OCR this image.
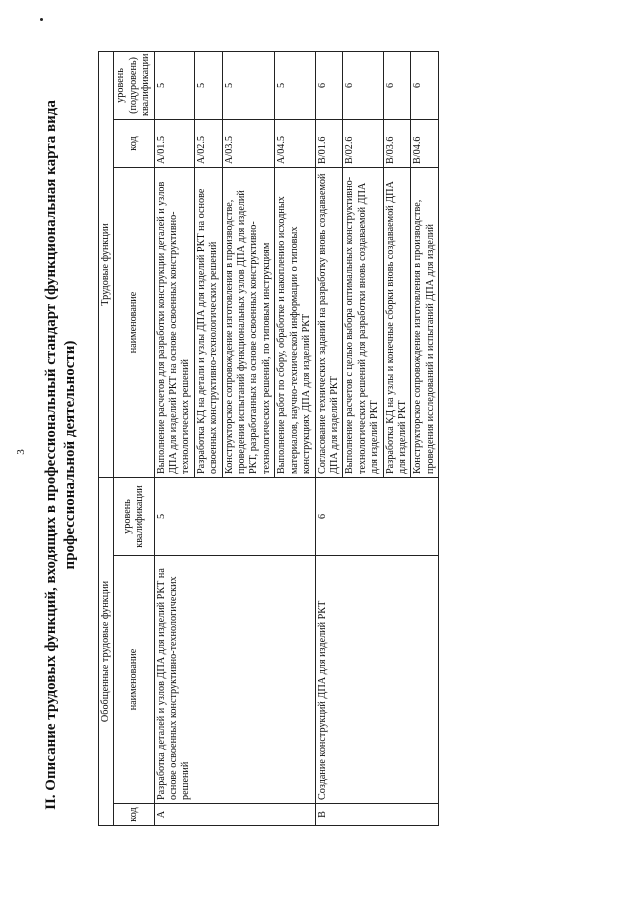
3 II. Описание трудовых функций, входящих в профессиональный стандарт (функциональная карта вида профессиональной деятельности)
Обобщенные трудовые функции			Трудовые функции		
код	наименование	уровень квалификации	наименование	код	уровень (подуровень) квалификации
А	Разработка деталей и узлов ДПА для изделий РКТ на основе освоенных конструктивно-технологических решений	5	Выполнение расчетов для разработки конструкции деталей и узлов ДПА для изделий РКТ на основе освоенных конструктивно-технологических решений	A/01.5	5
			Разработка КД на детали и узлы ДПА для изделий РКТ на основе освоенных конструктивно-технологических решений	A/02.5	5
			Конструкторское сопровождение изготовления в производстве, проведения испытаний функциональных узлов ДПА для изделий РКТ, разработанных на основе освоенных конструктивно-технологических решений, по типовым инструкциям	A/03.5	5
			Выполнение работ по сбору, обработке и накоплению исходных материалов, научно-технической информации о типовых конструкциях ДПА для изделий РКТ	A/04.5	5
В	Создание конструкций ДПА для изделий РКТ	6	Согласование технических заданий на разработку вновь создаваемой ДПА для изделий РКТ	B/01.6	6
			Выполнение расчетов с целью выбора оптимальных конструктивно-технологических решений для разработки вновь создаваемой ДПА для изделий РКТ	B/02.6	6
			Разработка КД на узлы и конечные сборки вновь создаваемой ДПА для изделий РКТ	B/03.6	6
			Конструкторское сопровождение изготовления в производстве, проведения исследований и испытаний ДПА для изделий	B/04.6	6
